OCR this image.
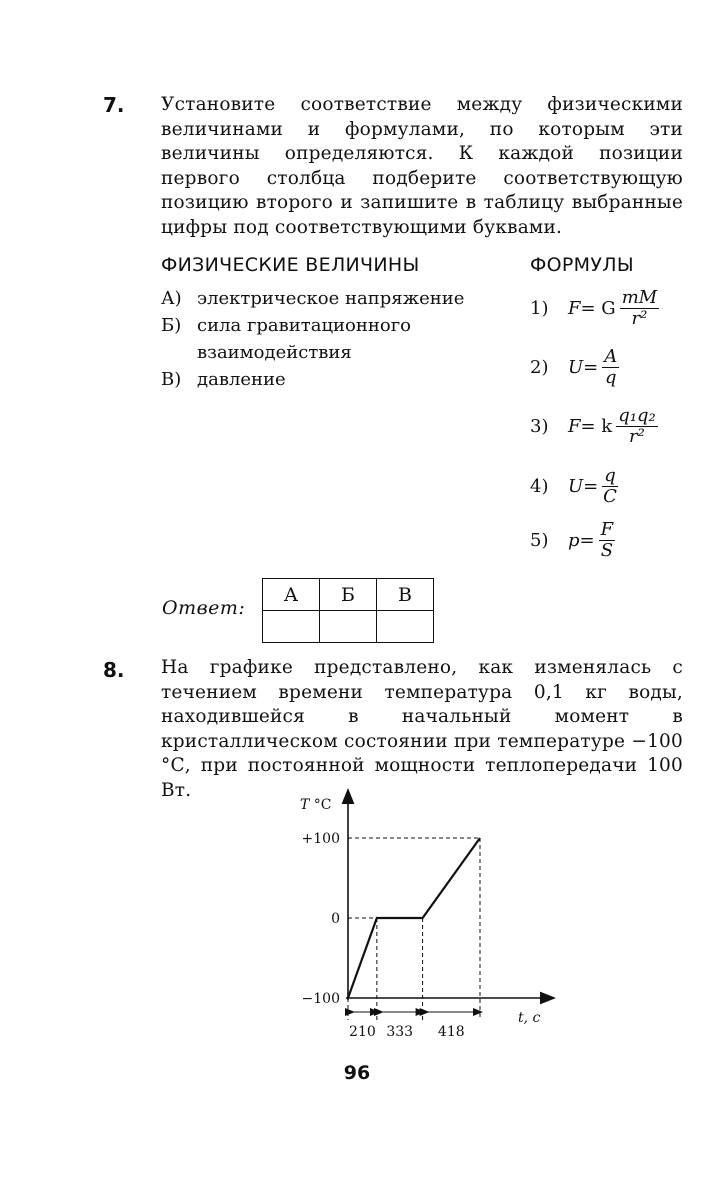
7. Установите соответствие между физическими величинами и формулами, по которым эти величины определяются. К каждой позиции первого столбца подберите соответствующую позицию второго и запишите в таблицу выбранные цифры под соответствующими буквами.
ФИЗИЧЕСКИЕ ВЕЛИЧИНЫ	ФОРМУЛЫ
А) электрическое напряжение
Б) сила гравитационного
взаимодействия
В) давление
1)	F = G $\frac{mM}{\text{r²}}$
2)	$U = \frac{A}{q}$
3)	F = k $\frac{\text{q₁q₂}}{\text{r²}}$
4)	$U = \frac{q}{C}$
5)	$p = \frac{F}{S}$
Ответ:
А	Б	В

8. На графике представлено, как изменялась с течением времени температура 0,1 кг воды, находившейся в начальный момент в кристаллическом состоянии при температуре −100 °С, при постоянной мощности теплопередачи 100 Вт.
T °C
+100
0
−100
210 333 418
t, с
96
